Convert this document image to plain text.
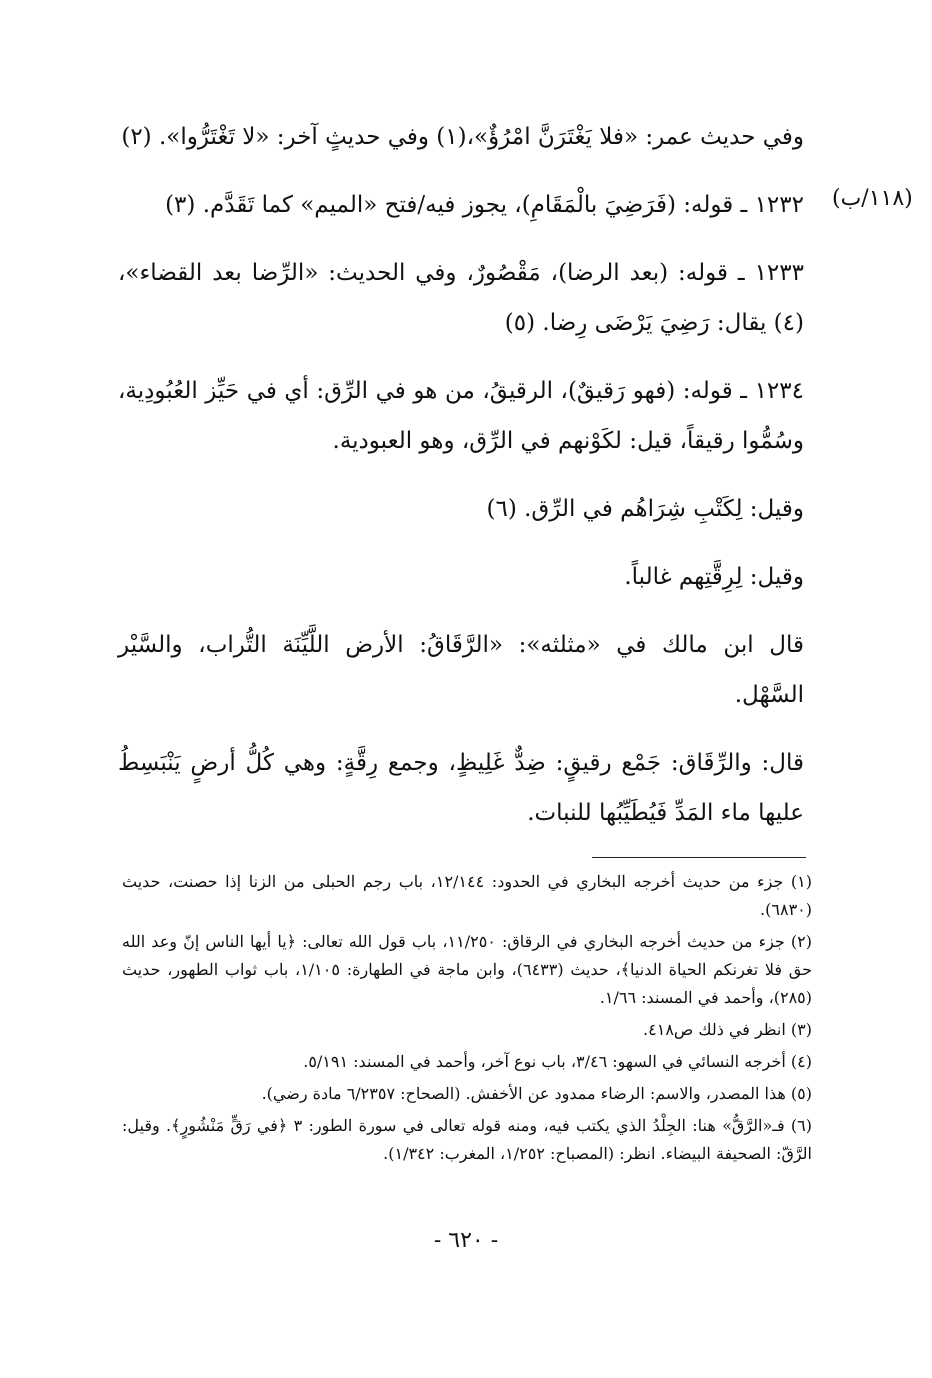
(١١٨/ب)

وفي حديث عمر: «فلا يَغْتَرَنَّ امْرُؤٌ»،(١) وفي حديثٍ آخر: «لا تَغْتَرُّوا». (٢)

١٢٣٢ ـ قوله: (فَرَضِيَ بالْمَقَامِ)، يجوز فيه/فتح «الميم» كما تَقَدَّم. (٣)

١٢٣٣ ـ قوله: (بعد الرضا)، مَقْصُورٌ، وفي الحديث: «الرِّضا بعد القضاء»،(٤) يقال: رَضِيَ يَرْضَى رِضا. (٥)

١٢٣٤ ـ قوله: (فهو رَقيقٌ)، الرقيقُ، من هو في الرِّق: أي في حَيِّز العُبُودِية، وسُمُّوا رقيقاً، قيل: لكَوْنهم في الرِّق، وهو العبودية.

وقيل: لِكَتْبِ شِرَاهُم في الرِّق. (٦)

وقيل: لِرِقَّتِهم غالباً.

قال ابن مالك في «مثلثه»: «الرَّقَاقُ: الأرض اللَّيِّنَة التُّراب، والسَّيْر السَّهْل.

قال: والرِّقَاق: جَمْع رقيقٍ: ضِدٌّ غَلِيظٍ، وجمع رِقَّةٍ: وهي كُلُّ أرضٍ يَنْبَسِطُ عليها ماء المَدِّ فَيُطَيِّبُها للنبات.

(١) جزء من حديث أخرجه البخاري في الحدود: ١٢/١٤٤، باب رجم الحبلى من الزنا إذا حصنت، حديث (٦٨٣٠).

(٢) جزء من حديث أخرجه البخاري في الرقاق: ١١/٢٥٠، باب قول الله تعالى: ﴿يا أيها الناس إنّ وعد الله حق فلا تغرنكم الحياة الدنيا﴾، حديث (٦٤٣٣)، وابن ماجة في الطهارة: ١/١٠٥، باب ثواب الطهور، حديث (٢٨٥)، وأحمد في المسند: ١/٦٦.

(٣) انظر في ذلك ص٤١٨.

(٤) أخرجه النسائي في السهو: ٣/٤٦، باب نوع آخر، وأحمد في المسند: ٥/١٩١.

(٥) هذا المصدر، والاسم: الرضاء ممدود عن الأخفش. (الصحاح: ٦/٢٣٥٧ مادة رضي).

(٦) فـ«الرَّقُّ» هنا: الجِلْدُ الذي يكتب فيه، ومنه قوله تعالى في سورة الطور: ٣ ﴿في رَقٍّ مَنْشُورٍ﴾. وقيل: الرَّقّ: الصحيفة البيضاء. انظر: (المصباح: ١/٢٥٢، المغرب: ١/٣٤٢).

- ٦٢٠ -
